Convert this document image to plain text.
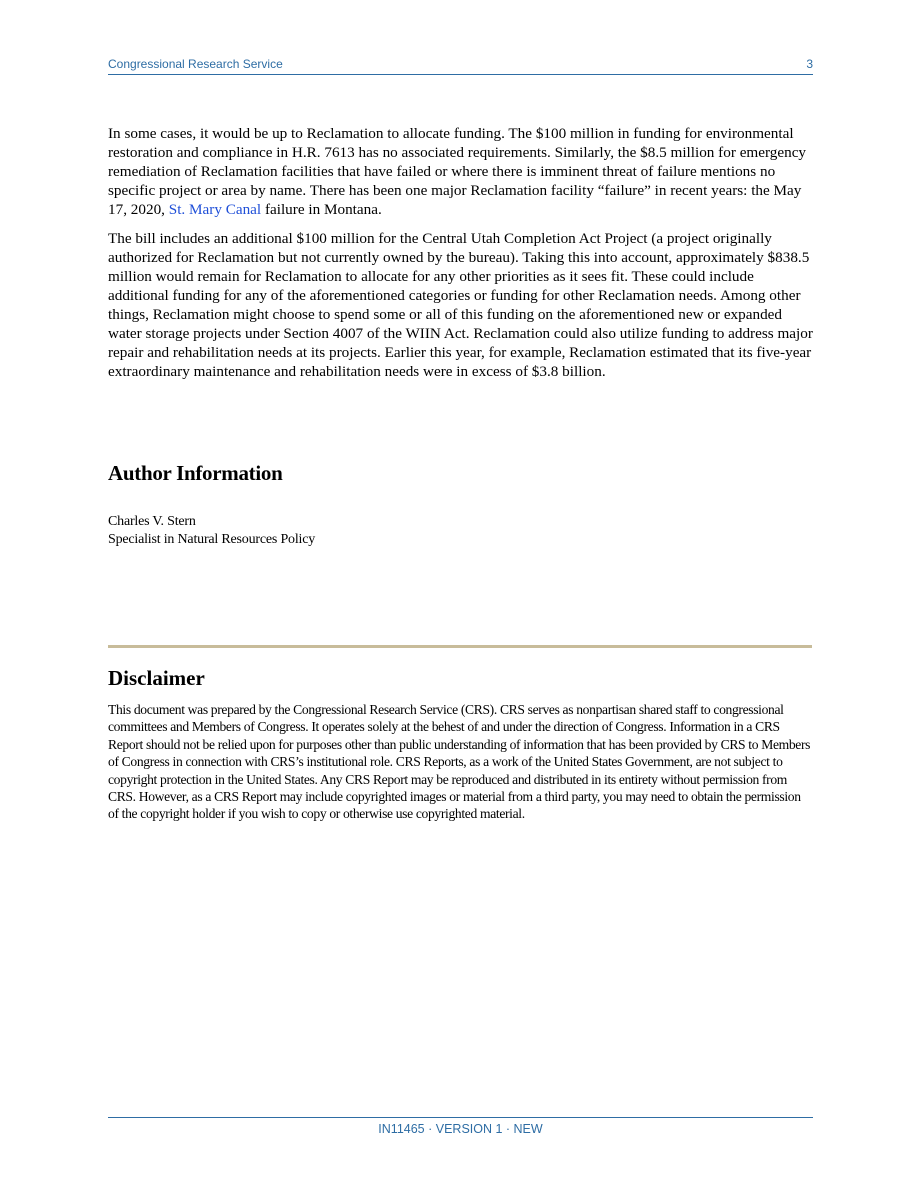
Congressional Research Service	3

In some cases, it would be up to Reclamation to allocate funding. The $100 million in funding for environmental restoration and compliance in H.R. 7613 has no associated requirements. Similarly, the $8.5 million for emergency remediation of Reclamation facilities that have failed or where there is imminent threat of failure mentions no specific project or area by name. There has been one major Reclamation facility “failure” in recent years: the May 17, 2020, St. Mary Canal failure in Montana.

The bill includes an additional $100 million for the Central Utah Completion Act Project (a project originally authorized for Reclamation but not currently owned by the bureau). Taking this into account, approximately $838.5 million would remain for Reclamation to allocate for any other priorities as it sees fit. These could include additional funding for any of the aforementioned categories or funding for other Reclamation needs. Among other things, Reclamation might choose to spend some or all of this funding on the aforementioned new or expanded water storage projects under Section 4007 of the WIIN Act. Reclamation could also utilize funding to address major repair and rehabilitation needs at its projects. Earlier this year, for example, Reclamation estimated that its five-year extraordinary maintenance and rehabilitation needs were in excess of $3.8 billion.

Author Information
Charles V. Stern
Specialist in Natural Resources Policy
Disclaimer

This document was prepared by the Congressional Research Service (CRS). CRS serves as nonpartisan shared staff to congressional committees and Members of Congress. It operates solely at the behest of and under the direction of Congress. Information in a CRS Report should not be relied upon for purposes other than public understanding of information that has been provided by CRS to Members of Congress in connection with CRS’s institutional role. CRS Reports, as a work of the United States Government, are not subject to copyright protection in the United States. Any CRS Report may be reproduced and distributed in its entirety without permission from CRS. However, as a CRS Report may include copyrighted images or material from a third party, you may need to obtain the permission of the copyright holder if you wish to copy or otherwise use copyrighted material.

IN11465 · VERSION 1 · NEW
